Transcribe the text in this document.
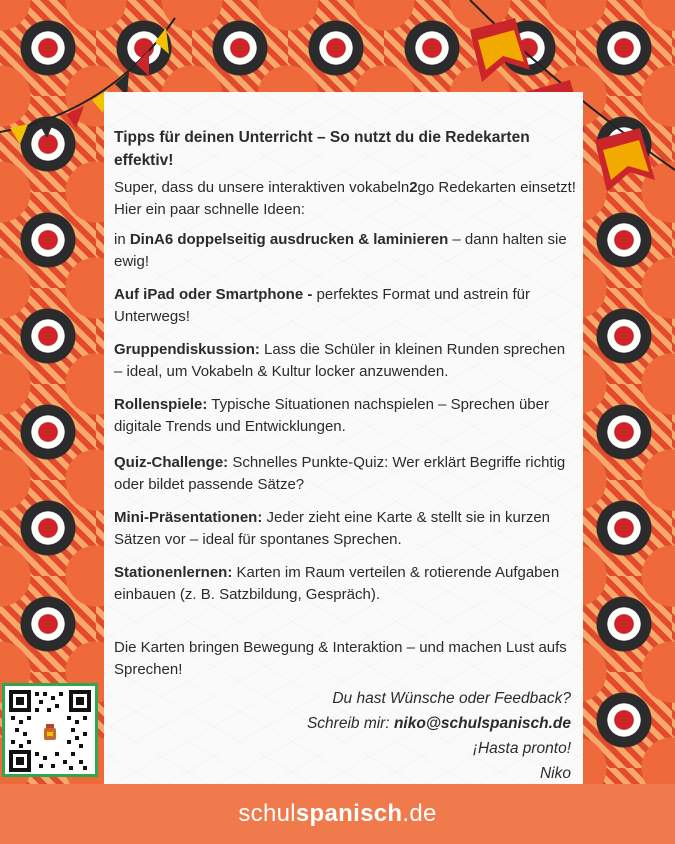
Tipps für deinen Unterricht – So nutzt du die Redekarten effektiv!
Super, dass du unsere interaktiven vokabeln2go Redekarten einsetzt! Hier ein paar schnelle Ideen:
in DinA6 doppelseitig ausdrucken & laminieren – dann halten sie ewig!
Auf iPad oder Smartphone - perfektes Format und astrein für Unterwegs!
Gruppendiskussion: Lass die Schüler in kleinen Runden sprechen – ideal, um Vokabeln & Kultur locker anzuwenden.
Rollenspiele: Typische Situationen nachspielen – Sprechen über digitale Trends und Entwicklungen.
Quiz-Challenge: Schnelles Punkte-Quiz: Wer erklärt Begriffe richtig oder bildet passende Sätze?
Mini-Präsentationen: Jeder zieht eine Karte & stellt sie in kurzen Sätzen vor – ideal für spontanes Sprechen.
Stationenlernen: Karten im Raum verteilen & rotierende Aufgaben einbauen (z. B. Satzbildung, Gespräch).
Die Karten bringen Bewegung & Interaktion – und machen Lust aufs Sprechen!
Du hast Wünsche oder Feedback?
Schreib mir: niko@schulspanisch.de
¡Hasta pronto!
Niko
schulspanisch.de
